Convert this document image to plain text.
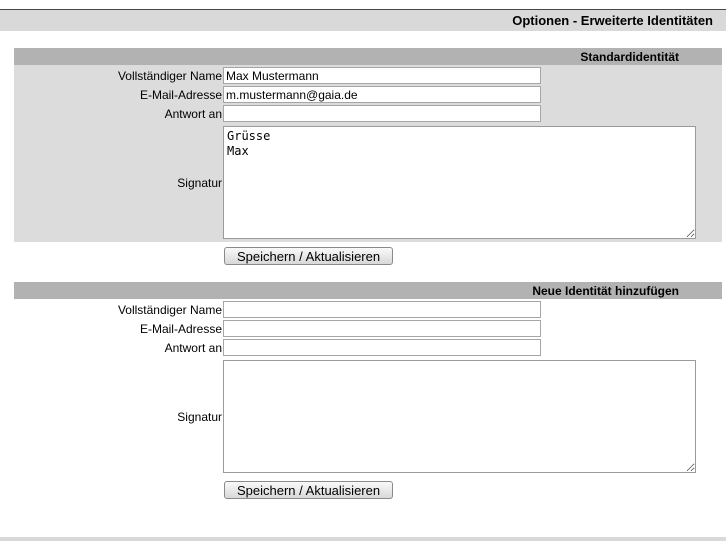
Optionen - Erweiterte Identitäten
Standardidentität
Vollständiger Name
Max Mustermann
E-Mail-Adresse
m.mustermann@gaia.de
Antwort an
Signatur
Grüsse Max
Speichern / Aktualisieren
Neue Identität hinzufügen
Vollständiger Name
E-Mail-Adresse
Antwort an
Signatur
Speichern / Aktualisieren
